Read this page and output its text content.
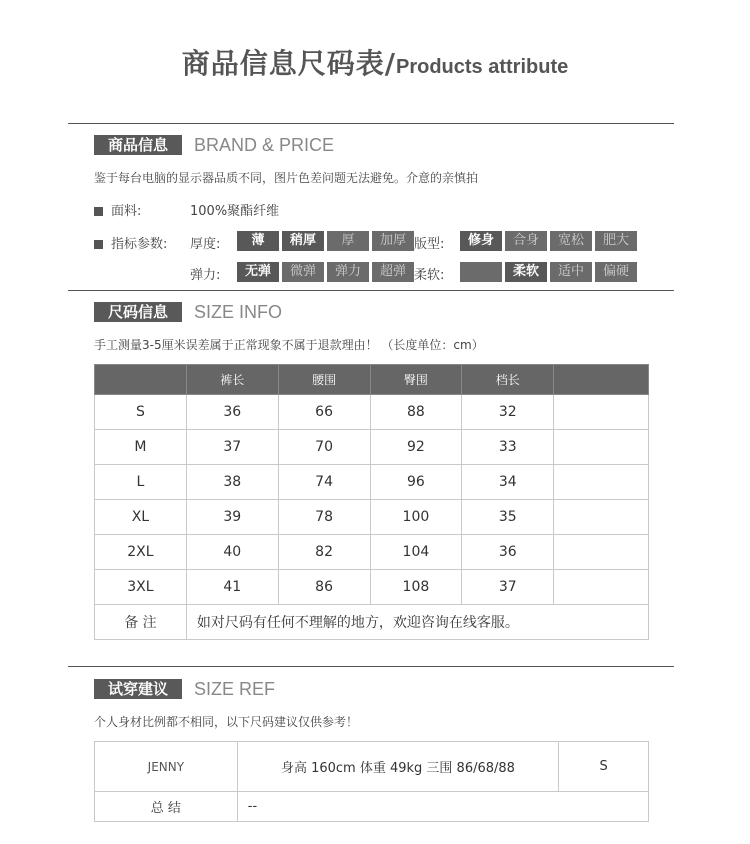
商品信息尺码表/Products attribute
商品信息	BRAND & PRICE
鉴于每台电脑的显示器品质不同，图片色差问题无法避免。介意的亲慎拍
面料:	100%聚酯纤维
指标参数: 厚度:	版型:
弹力:	柔软:
薄	稍厚	厚	加厚	修身	合身	宽松	肥大
无弹	微弹	弹力	超弹	柔软	适中	偏硬
尺码信息	SIZE INFO
手工测量3-5厘米误差属于正常现象不属于退款理由！ （长度单位：cm）
	裤长	腰围	臀围	档长	
S	36	66	88	32	
M	37	70	92	33	
L	38	74	96	34	
XL	39	78	100	35	
2XL	40	82	104	36	
3XL	41	86	108	37	
备 注	如对尺码有任何不理解的地方，欢迎咨询在线客服。				
试穿建议	SIZE REF
个人身材比例都不相同，以下尺码建议仅供参考！
JENNY	身高 160cm 体重 49kg 三围 86/68/88	S
总 结	--	
